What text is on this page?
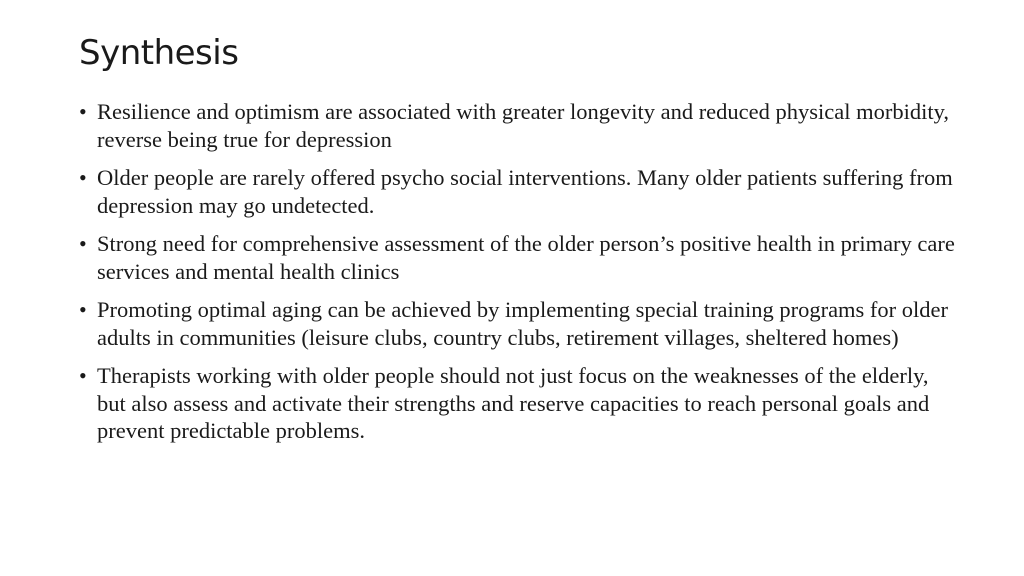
Synthesis
• Resilience and optimism are associated with greater longevity and reduced physical morbidity, reverse being true for depression
• Older people are rarely offered psycho social interventions. Many older patients suffering from depression may go undetected.
• Strong need for comprehensive assessment of the older person’s positive health in primary care services and mental health clinics
• Promoting optimal aging can be achieved by implementing special training programs for older adults in communities (leisure clubs, country clubs, retirement villages, sheltered homes)
• Therapists working with older people should not just focus on the weaknesses of the elderly, but also assess and activate their strengths and reserve capacities to reach personal goals and prevent predictable problems.
